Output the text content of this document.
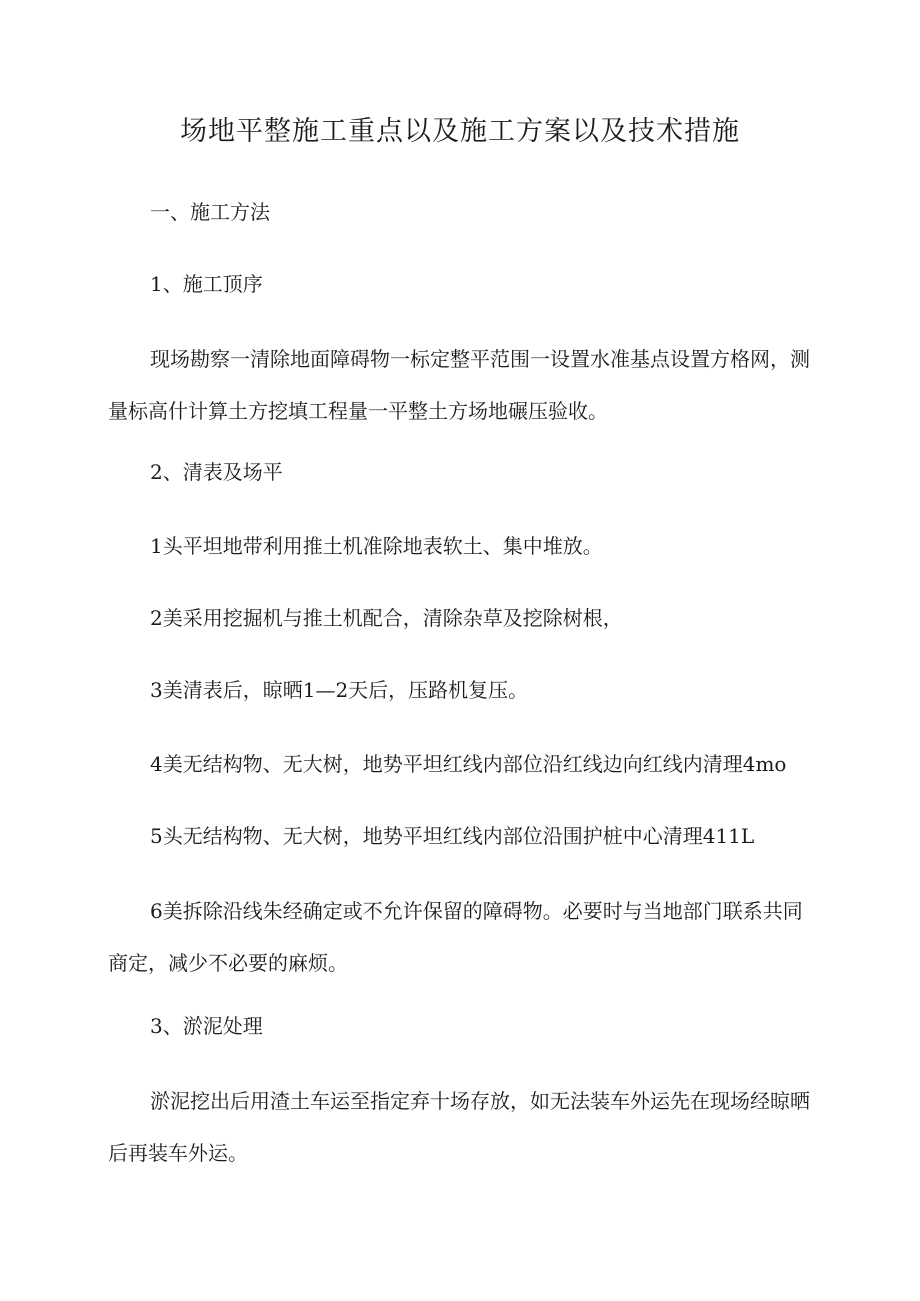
场地平整施工重点以及施工方案以及技术措施
一、施工方法
1、施工顶序
现场勘察一清除地面障碍物一标定整平范围一设置水准基点设置方格网，测
量标高什计算土方挖填工程量一平整土方场地碾压验收。
2、清表及场平
1头平坦地带利用推土机准除地表软土、集中堆放。
2美采用挖掘机与推土机配合，清除杂草及挖除树根，
3美清表后，晾晒1—2天后，压路机复压。
4美无结构物、无大树，地势平坦红线内部位沿红线边向红线内清理4mo
5头无结构物、无大树，地势平坦红线内部位沿围护桩中心清理411L
6美拆除沿线朱经确定或不允许保留的障碍物。必要时与当地部门联系共同
商定，减少不必要的麻烦。
3、淤泥处理
淤泥挖出后用渣土车运至指定弃十场存放，如无法装车外运先在现场经晾晒
后再装车外运。
